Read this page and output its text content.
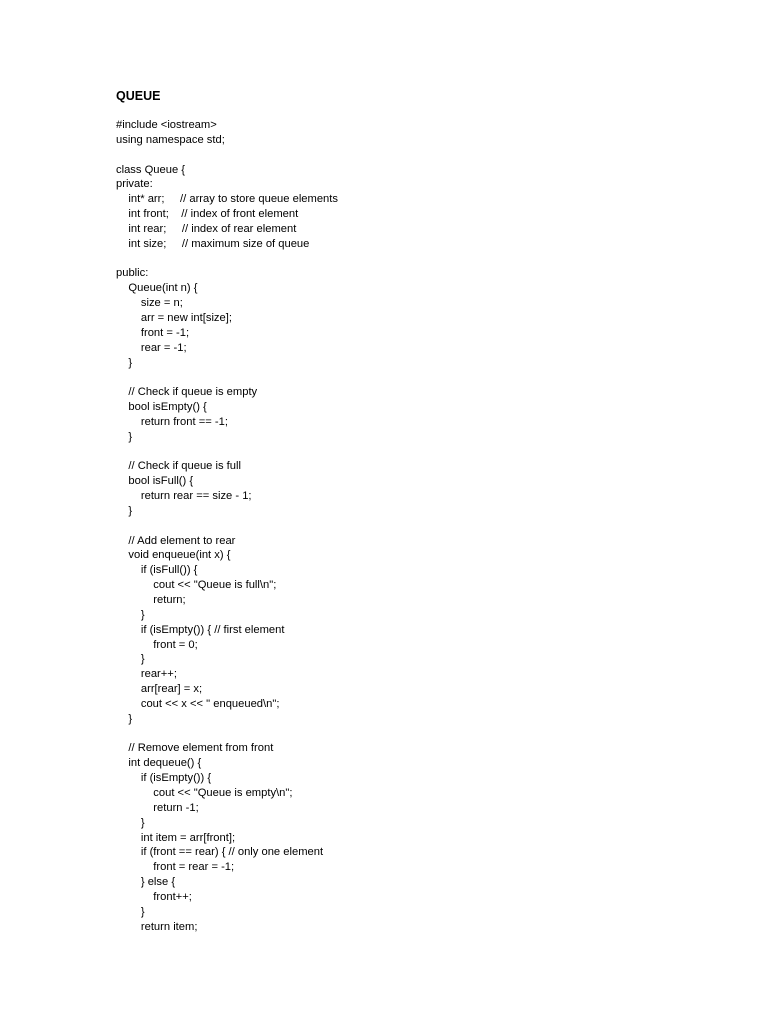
QUEUE
#include <iostream>
using namespace std;
class Queue {
private:
int* arr;     // array to store queue elements
int front;    // index of front element
int rear;     // index of rear element
int size;     // maximum size of queue
public:
Queue(int n) {
size = n;
arr = new int[size];
front = -1;
rear = -1;
}
// Check if queue is empty
bool isEmpty() {
return front == -1;
}
// Check if queue is full
bool isFull() {
return rear == size - 1;
}
// Add element to rear
void enqueue(int x) {
if (isFull()) {
cout << "Queue is full\n";
return;
}
if (isEmpty()) { // first element
front = 0;
}
rear++;
arr[rear] = x;
cout << x << " enqueued\n";
}
// Remove element from front
int dequeue() {
if (isEmpty()) {
cout << "Queue is empty\n";
return -1;
}
int item = arr[front];
if (front == rear) { // only one element
front = rear = -1;
} else {
front++;
}
return item;
